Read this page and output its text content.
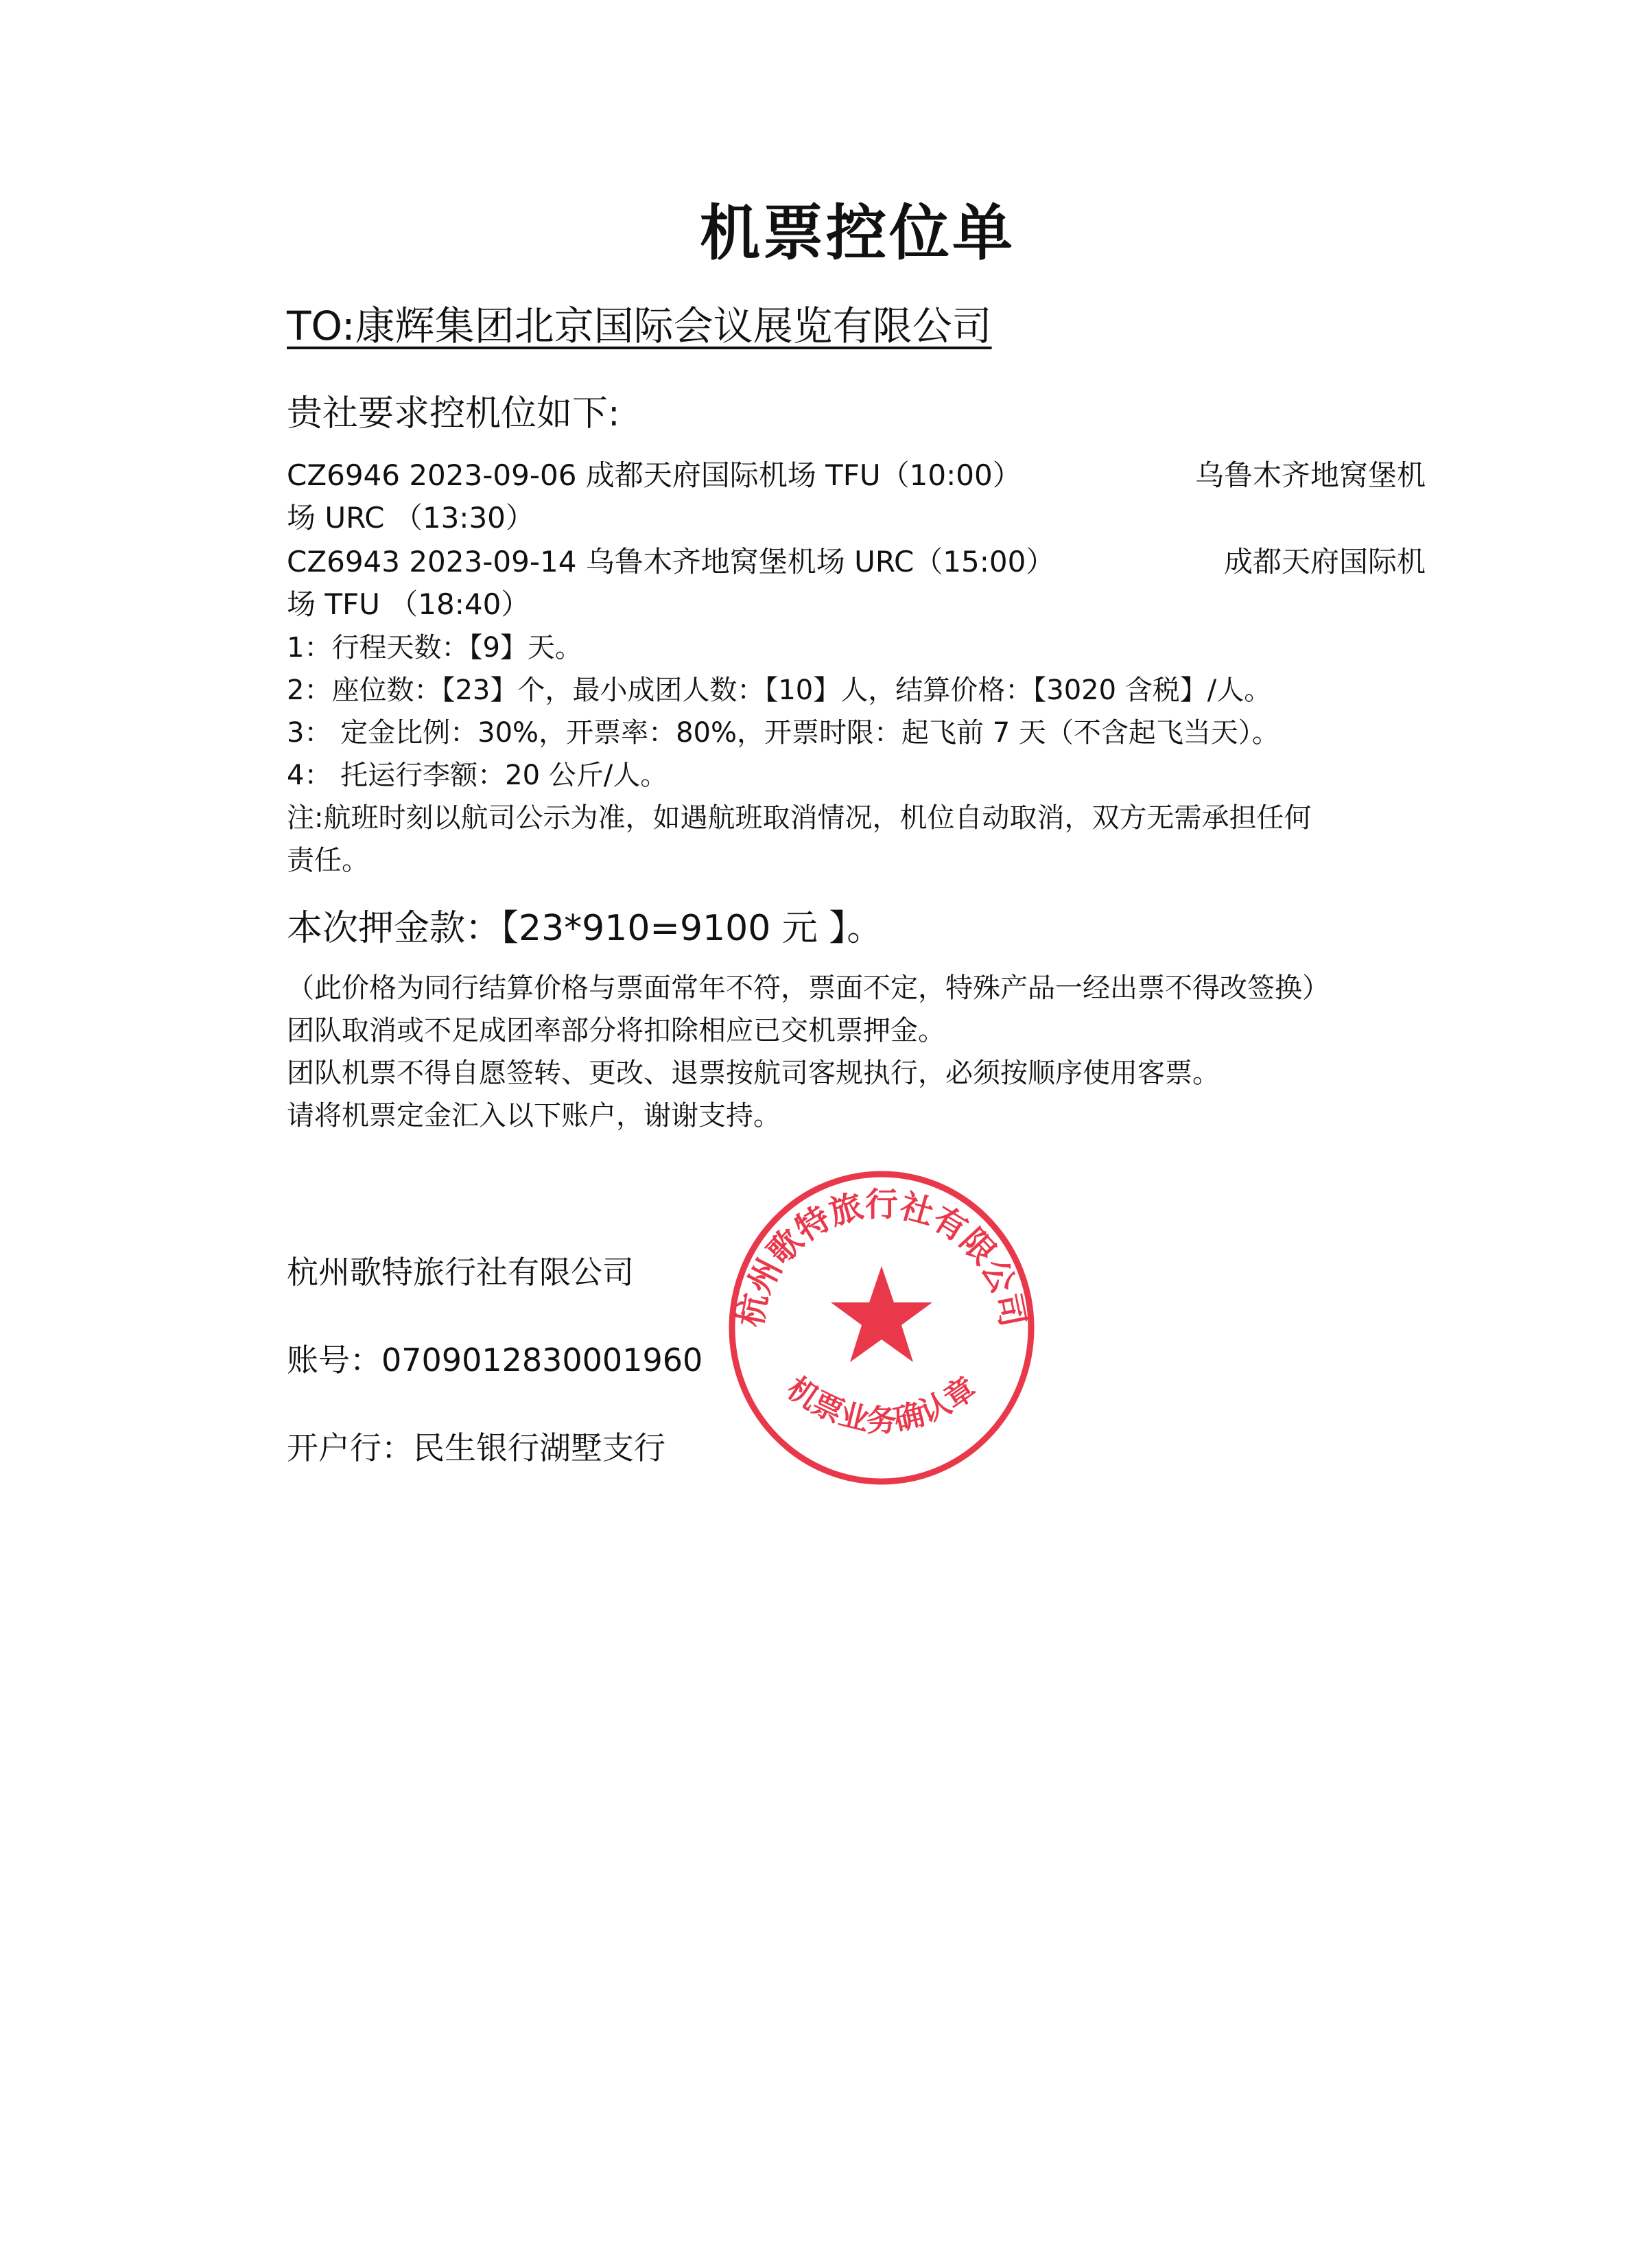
机票控位单
TO:康辉集团北京国际会议展览有限公司
贵社要求控机位如下:
CZ6946 2023-09-06 成都天府国际机场 TFU（10:00）	乌鲁木齐地窝堡机
场 URC （13:30）
CZ6943 2023-09-14 乌鲁木齐地窝堡机场 URC（15:00）	成都天府国际机
场 TFU （18:40）
1：行程天数：【9】天。
2：座位数：【23】个，最小成团人数：【10】人，结算价格：【3020 含税】/人。
3： 定金比例：30%，开票率：80%，开票时限：起飞前 7 天（不含起飞当天）。
4： 托运行李额：20 公斤/人。
注:航班时刻以航司公示为准，如遇航班取消情况，机位自动取消，双方无需承担任何
责任。
本次押金款：【23*910=9100 元 】。
（此价格为同行结算价格与票面常年不符，票面不定，特殊产品一经出票不得改签换）
团队取消或不足成团率部分将扣除相应已交机票押金。
团队机票不得自愿签转、更改、退票按航司客规执行，必须按顺序使用客票。
请将机票定金汇入以下账户，谢谢支持。
杭州歌特旅行社有限公司
账号：0709012830001960
开户行：民生银行湖墅支行
杭州歌特旅行社有限公司
机票业务确认章
